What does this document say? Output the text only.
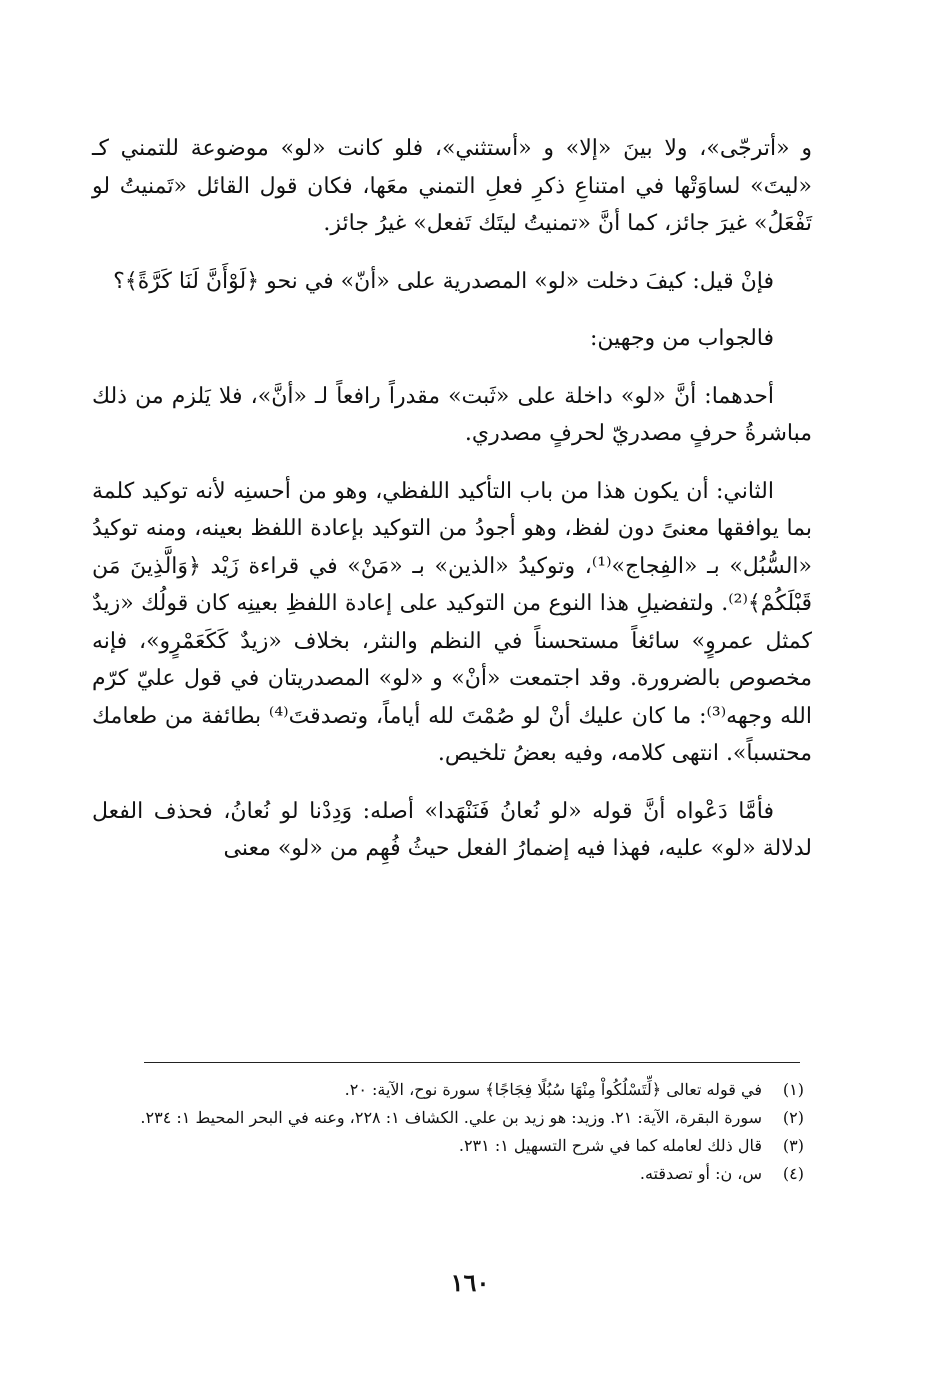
و «أترجّى»، ولا بينَ «إلا» و «أستثني»، فلو كانت «لو» موضوعة للتمني كـ «ليتَ» لساوَتْها في امتناعِ ذكرِ فعلِ التمني معَها، فكان قول القائل «تَمنيتُ لو تَفْعَلُ» غيرَ جائز، كما أنَّ «تمنيتُ ليتَك تَفعل» غيرُ جائز.

فإنْ قيل: كيفَ دخلت «لو» المصدرية على «أنّ» في نحو ﴿لَوْأَنَّ لَنَا كَرَّةً﴾؟

فالجواب من وجهين:

أحدهما: أنَّ «لو» داخلة على «ثَبت» مقدراً رافعاً لـ «أنَّ»، فلا يَلزم من ذلك مباشرةُ حرفٍ مصدريّ لحرفٍ مصدري.

الثاني: أن يكون هذا من باب التأكيد اللفظي، وهو من أحسنِه لأنه توكيد كلمة بما يوافقها معنىً دون لفظ، وهو أجودُ من التوكيد بإعادة اللفظ بعينه، ومنه توكيدُ «السُّبُل» بـ «الفِجاج»⁽¹⁾، وتوكيدُ «الذين» بـ «مَنْ» في قراءة زَيْد ﴿وَالَّذِينَ مَن قَبْلَكُمْ﴾⁽²⁾. ولتفضيلِ هذا النوع من التوكيد على إعادة اللفظِ بعينِه كان قولُك «زيدٌ كمثل عمروٍ» سائغاً مستحسناً في النظم والنثر، بخلاف «زيدٌ كَكَعَمْرٍو»، فإنه مخصوص بالضرورة. وقد اجتمعت «أنْ» و «لو» المصدريتان في قول عليّ كرّم الله وجهه⁽³⁾: ما كان عليك أنْ لو صُمْتَ لله أياماً، وتصدقتَ⁽⁴⁾ بطائفة من طعامك محتسباً». انتهى كلامه، وفيه بعضُ تلخيص.

فأمَّا دَعْواه أنَّ قوله «لو نُعانُ فَنَنْهَدا» أصله: وَدِدْنا لو نُعانُ، فحذف الفعل لدلالة «لو» عليه، فهذا فيه إضمارُ الفعل حيثُ فُهِم من «لو» معنى

(١)
في قوله تعالى ﴿لِّتَسْلُكُواْ مِنْهَا سُبُلًا فِجَاجًا﴾ سورة نوح، الآية: ٢٠.
(٢)
سورة البقرة، الآية: ٢١. وزيد: هو زيد بن علي. الكشاف ١: ٢٢٨، وعنه في البحر المحيط ١: ٢٣٤.
(٣)
قال ذلك لعامله كما في شرح التسهيل ١: ٢٣١.
(٤)
س، ن: أو تصدقته.
١٦٠
